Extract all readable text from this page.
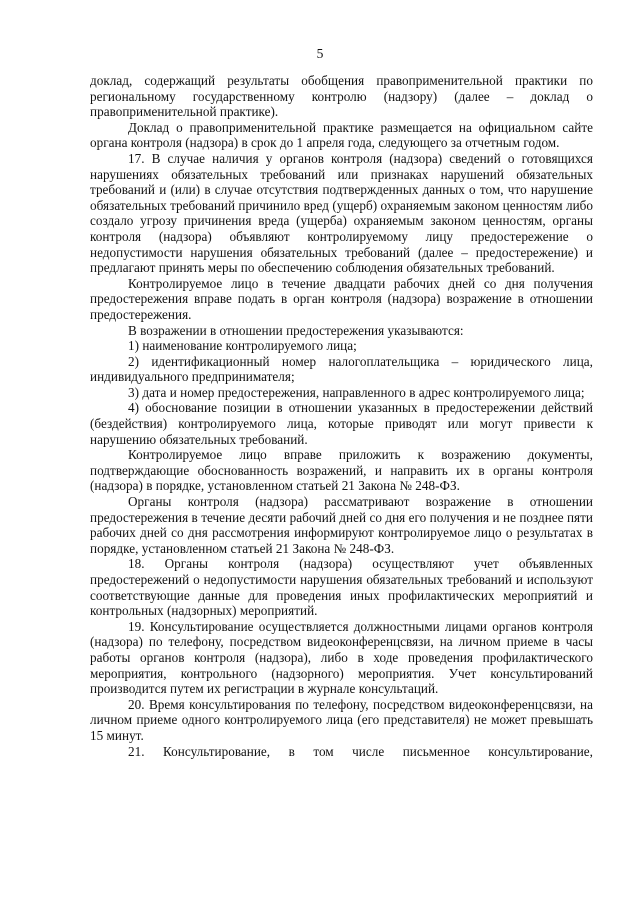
5

доклад, содержащий результаты обобщения правоприменительной практики по региональному государственному контролю (надзору) (далее – доклад о правоприменительной практике).

Доклад о правоприменительной практике размещается на официальном сайте органа контроля (надзора) в срок до 1 апреля года, следующего за отчетным годом.

17. В случае наличия у органов контроля (надзора) сведений о готовящихся нарушениях обязательных требований или признаках нарушений обязательных требований и (или) в случае отсутствия подтвержденных данных о том, что нарушение обязательных требований причинило вред (ущерб) охраняемым законом ценностям либо создало угрозу причинения вреда (ущерба) охраняемым законом ценностям, органы контроля (надзора) объявляют контролируемому лицу предостережение о недопустимости нарушения обязательных требований (далее – предостережение) и предлагают принять меры по обеспечению соблюдения обязательных требований.

Контролируемое лицо в течение двадцати рабочих дней со дня получения предостережения вправе подать в орган контроля (надзора) возражение в отношении предостережения.

В возражении в отношении предостережения указываются:

1) наименование контролируемого лица;

2) идентификационный номер налогоплательщика – юридического лица, индивидуального предпринимателя;

3) дата и номер предостережения, направленного в адрес контролируемого лица;

4) обоснование позиции в отношении указанных в предостережении действий (бездействия) контролируемого лица, которые приводят или могут привести к нарушению обязательных требований.

Контролируемое лицо вправе приложить к возражению документы, подтверждающие обоснованность возражений, и направить их в органы контроля (надзора) в порядке, установленном статьей 21 Закона № 248-ФЗ.

Органы контроля (надзора) рассматривают возражение в отношении предостережения в течение десяти рабочий дней со дня его получения и не позднее пяти рабочих дней со дня рассмотрения информируют контролируемое лицо о результатах в порядке, установленном статьей 21 Закона № 248-ФЗ.

18. Органы контроля (надзора) осуществляют учет объявленных предостережений о недопустимости нарушения обязательных требований и используют соответствующие данные для проведения иных профилактических мероприятий и контрольных (надзорных) мероприятий.

19. Консультирование осуществляется должностными лицами органов контроля (надзора) по телефону, посредством видеоконференцсвязи, на личном приеме в часы работы органов контроля (надзора), либо в ходе проведения профилактического мероприятия, контрольного (надзорного) мероприятия. Учет консультирований производится путем их регистрации в журнале консультаций.

20. Время консультирования по телефону, посредством видеоконференцсвязи, на личном приеме одного контролируемого лица (его представителя) не может превышать 15 минут.

21. Консультирование, в том числе письменное консультирование,
